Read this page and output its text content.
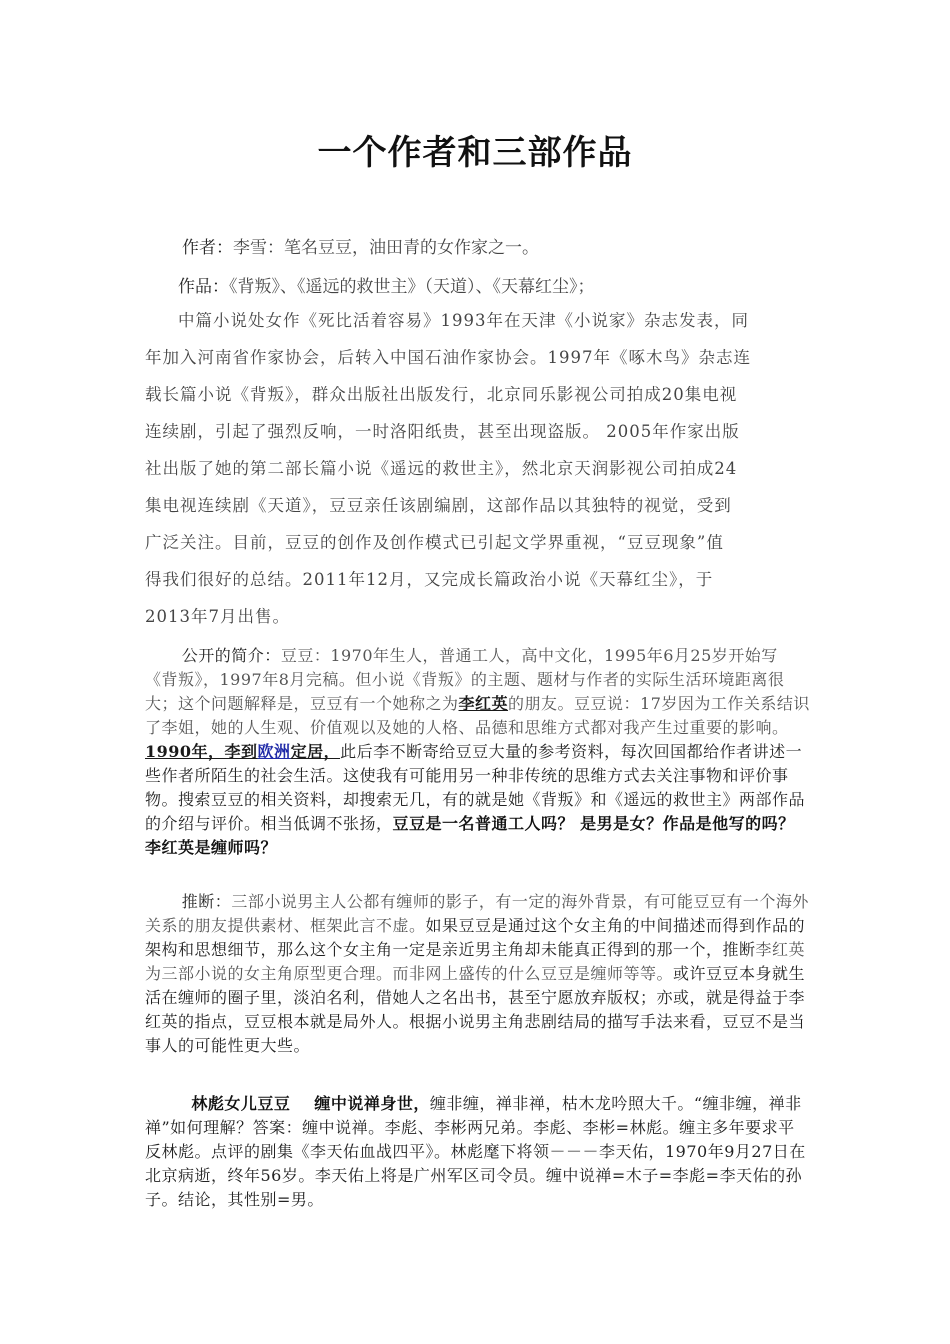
一个作者和三部作品
作者：李雪：笔名豆豆，油田青的女作家之一。
作品：《背叛》、《遥远的救世主》（天道）、《天幕红尘》；
中篇小说处女作《死比活着容易》1993年在天津《小说家》杂志发表，同
年加入河南省作家协会，后转入中国石油作家协会。1997年《啄木鸟》杂志连
载长篇小说《背叛》，群众出版社出版发行，北京同乐影视公司拍成20集电视
连续剧，引起了强烈反响，一时洛阳纸贵，甚至出现盗版。 2005年作家出版
社出版了她的第二部长篇小说《遥远的救世主》，然北京天润影视公司拍成24
集电视连续剧《天道》，豆豆亲任该剧编剧，这部作品以其独特的视觉，受到
广泛关注。目前，豆豆的创作及创作模式已引起文学界重视，“豆豆现象”值
得我们很好的总结。2011年12月，又完成长篇政治小说《天幕红尘》，于
2013年7月出售。
公开的简介：豆豆：1970年生人，普通工人，高中文化，1995年6月25岁开始写《背叛》，1997年8月完稿。但小说《背叛》的主题、题材与作者的实际生活环境距离很大；这个问题解释是，豆豆有一个她称之为李红英的朋友。豆豆说：17岁因为工作关系结识了李姐，她的人生观、价值观以及她的人格、品德和思维方式都对我产生过重要的影响。1990年，李到欧洲定居，此后李不断寄给豆豆大量的参考资料，每次回国都给作者讲述一些作者所陌生的社会生活。这使我有可能用另一种非传统的思维方式去关注事物和评价事物。搜索豆豆的相关资料，却搜索无几，有的就是她《背叛》和《遥远的救世主》两部作品的介绍与评价。相当低调不张扬，豆豆是一名普通工人吗？ 是男是女？作品是他写的吗？李红英是缠师吗？
推断：三部小说男主人公都有缠师的影子，有一定的海外背景，有可能豆豆有一个海外关系的朋友提供素材、框架此言不虚。如果豆豆是通过这个女主角的中间描述而得到作品的架构和思想细节，那么这个女主角一定是亲近男主角却未能真正得到的那一个，推断李红英为三部小说的女主角原型更合理。而非网上盛传的什么豆豆是缠师等等。或许豆豆本身就生活在缠师的圈子里，淡泊名利，借她人之名出书，甚至宁愿放弃版权；亦或，就是得益于李红英的指点，豆豆根本就是局外人。根据小说男主角悲剧结局的描写手法来看，豆豆不是当事人的可能性更大些。
林彪女儿豆豆 缠中说禅身世，缠非缠，禅非禅，枯木龙吟照大千。“缠非缠，禅非禅”如何理解？答案：缠中说禅。李彪、李彬两兄弟。李彪、李彬=林彪。缠主多年要求平反林彪。点评的剧集《李天佑血战四平》。林彪麾下将领－－－李天佑，1970年9月27日在北京病逝，终年56岁。李天佑上将是广州军区司令员。缠中说禅=木子=李彪=李天佑的孙子。结论，其性别=男。
